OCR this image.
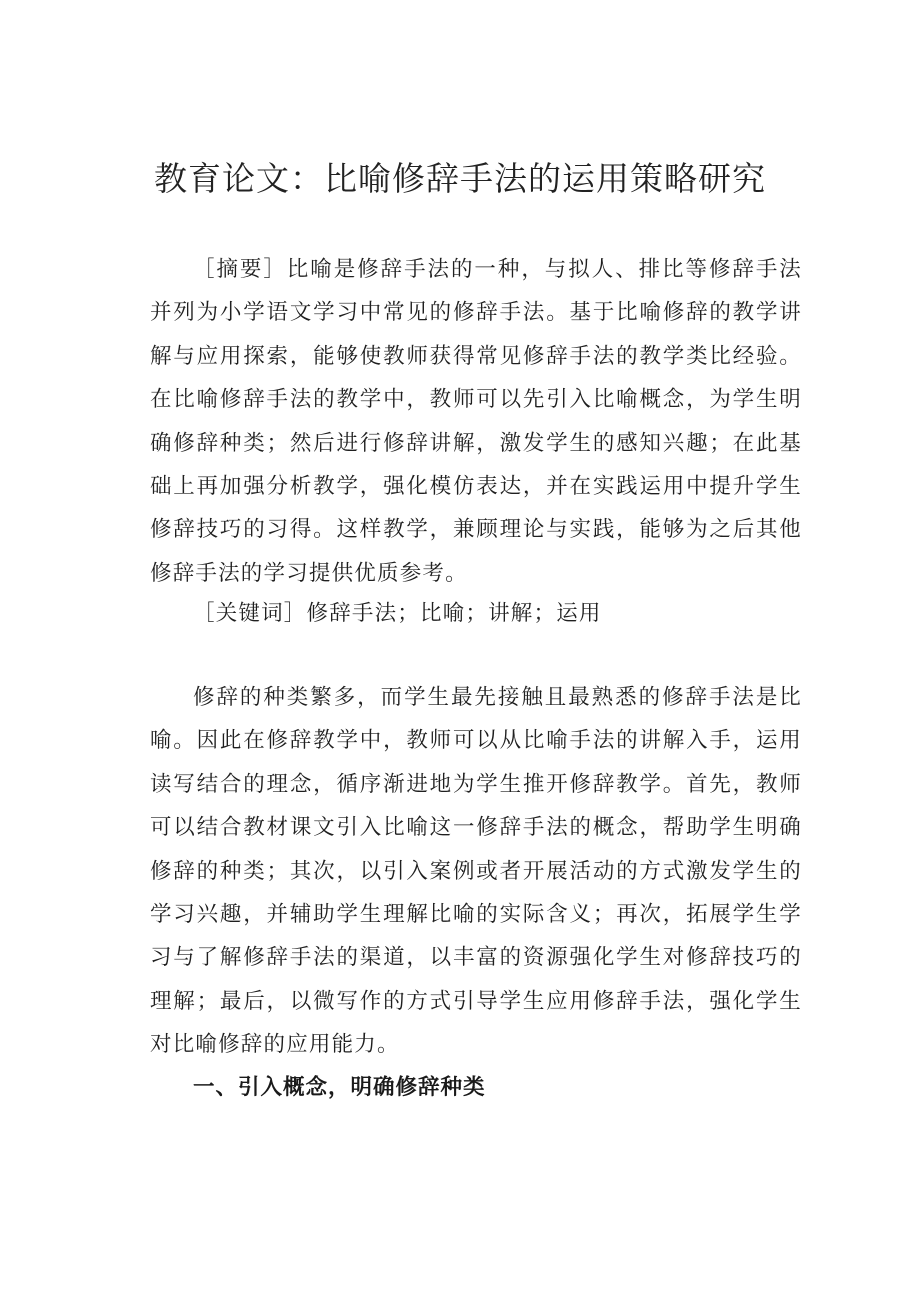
教育论文：比喻修辞手法的运用策略研究

［摘要］比喻是修辞手法的一种，与拟人、排比等修辞手法并列为小学语文学习中常见的修辞手法。基于比喻修辞的教学讲解与应用探索，能够使教师获得常见修辞手法的教学类比经验。在比喻修辞手法的教学中，教师可以先引入比喻概念，为学生明确修辞种类；然后进行修辞讲解，激发学生的感知兴趣；在此基础上再加强分析教学，强化模仿表达，并在实践运用中提升学生修辞技巧的习得。这样教学，兼顾理论与实践，能够为之后其他修辞手法的学习提供优质参考。

［关键词］修辞手法；比喻；讲解；运用

修辞的种类繁多，而学生最先接触且最熟悉的修辞手法是比喻。因此在修辞教学中，教师可以从比喻手法的讲解入手，运用读写结合的理念，循序渐进地为学生推开修辞教学。首先，教师可以结合教材课文引入比喻这一修辞手法的概念，帮助学生明确修辞的种类；其次，以引入案例或者开展活动的方式激发学生的学习兴趣，并辅助学生理解比喻的实际含义；再次，拓展学生学习与了解修辞手法的渠道，以丰富的资源强化学生对修辞技巧的理解；最后，以微写作的方式引导学生应用修辞手法，强化学生对比喻修辞的应用能力。

一、引入概念，明确修辞种类
